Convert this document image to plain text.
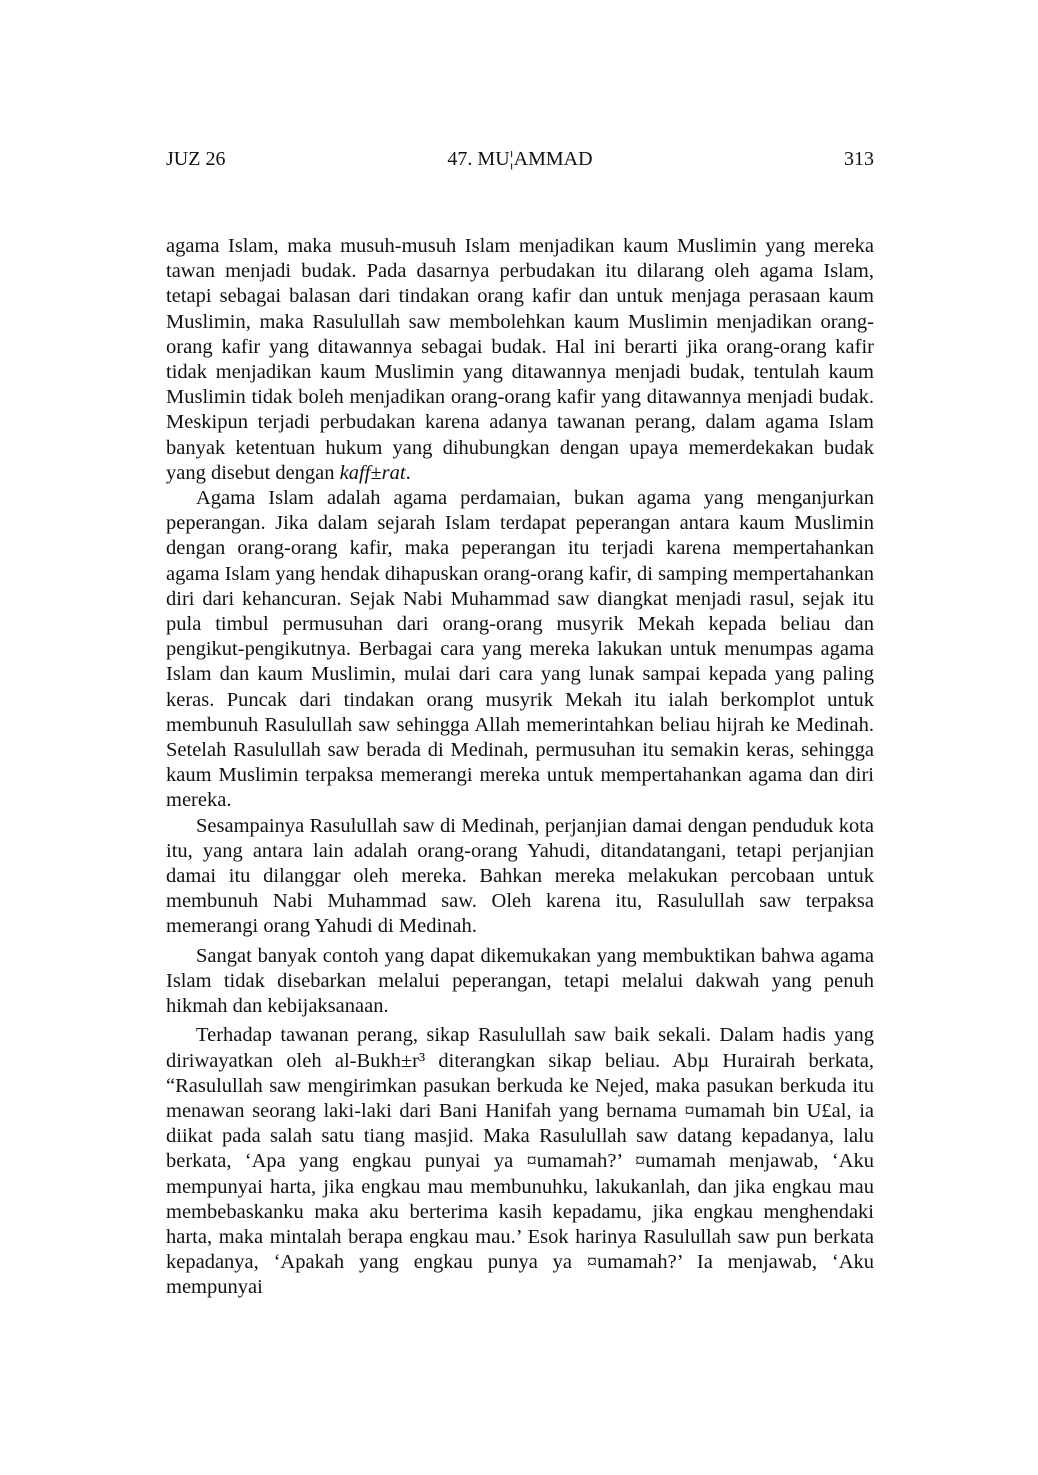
JUZ 26	47. MU¦AMMAD	313

agama Islam, maka musuh-musuh Islam menjadikan kaum Muslimin yang mereka tawan menjadi budak. Pada dasarnya perbudakan itu dilarang oleh agama Islam, tetapi sebagai balasan dari tindakan orang kafir dan untuk menjaga perasaan kaum Muslimin, maka Rasulullah saw membolehkan kaum Muslimin menjadikan orang-orang kafir yang ditawannya sebagai budak. Hal ini berarti jika orang-orang kafir tidak menjadikan kaum Muslimin yang ditawannya menjadi budak, tentulah kaum Muslimin tidak boleh menjadikan orang-orang kafir yang ditawannya menjadi budak. Meskipun terjadi perbudakan karena adanya tawanan perang, dalam agama Islam banyak ketentuan hukum yang dihubungkan dengan upaya memerdekakan budak yang disebut dengan kaff±rat.

Agama Islam adalah agama perdamaian, bukan agama yang menganjurkan peperangan. Jika dalam sejarah Islam terdapat peperangan antara kaum Muslimin dengan orang-orang kafir, maka peperangan itu terjadi karena mempertahankan agama Islam yang hendak dihapuskan orang-orang kafir, di samping mempertahankan diri dari kehancuran. Sejak Nabi Muhammad saw diangkat menjadi rasul, sejak itu pula timbul permusuhan dari orang-orang musyrik Mekah kepada beliau dan pengikut-pengikutnya. Berbagai cara yang mereka lakukan untuk menumpas agama Islam dan kaum Muslimin, mulai dari cara yang lunak sampai kepada yang paling keras. Puncak dari tindakan orang musyrik Mekah itu ialah berkomplot untuk membunuh Rasulullah saw sehingga Allah memerintahkan beliau hijrah ke Medinah. Setelah Rasulullah saw berada di Medinah, permusuhan itu semakin keras, sehingga kaum Muslimin terpaksa memerangi mereka untuk mempertahankan agama dan diri mereka.

Sesampainya Rasulullah saw di Medinah, perjanjian damai dengan penduduk kota itu, yang antara lain adalah orang-orang Yahudi, ditandatangani, tetapi perjanjian damai itu dilanggar oleh mereka. Bahkan mereka melakukan percobaan untuk membunuh Nabi Muhammad saw. Oleh karena itu, Rasulullah saw terpaksa memerangi orang Yahudi di Medinah.

Sangat banyak contoh yang dapat dikemukakan yang membuktikan bahwa agama Islam tidak disebarkan melalui peperangan, tetapi melalui dakwah yang penuh hikmah dan kebijaksanaan.

Terhadap tawanan perang, sikap Rasulullah saw baik sekali. Dalam hadis yang diriwayatkan oleh al-Bukh±r³ diterangkan sikap beliau. Abµ Hurairah berkata, “Rasulullah saw mengirimkan pasukan berkuda ke Nejed, maka pasukan berkuda itu menawan seorang laki-laki dari Bani Hanifah yang bernama ¤umamah bin U£al, ia diikat pada salah satu tiang masjid. Maka Rasulullah saw datang kepadanya, lalu berkata, ‘Apa yang engkau punyai ya ¤umamah?’ ¤umamah menjawab, ‘Aku mempunyai harta, jika engkau mau membunuhku, lakukanlah, dan jika engkau mau membebaskanku maka aku berterima kasih kepadamu, jika engkau menghendaki harta, maka mintalah berapa engkau mau.’ Esok harinya Rasulullah saw pun berkata kepadanya, ‘Apakah yang engkau punya ya ¤umamah?’ Ia menjawab, ‘Aku mempunyai
